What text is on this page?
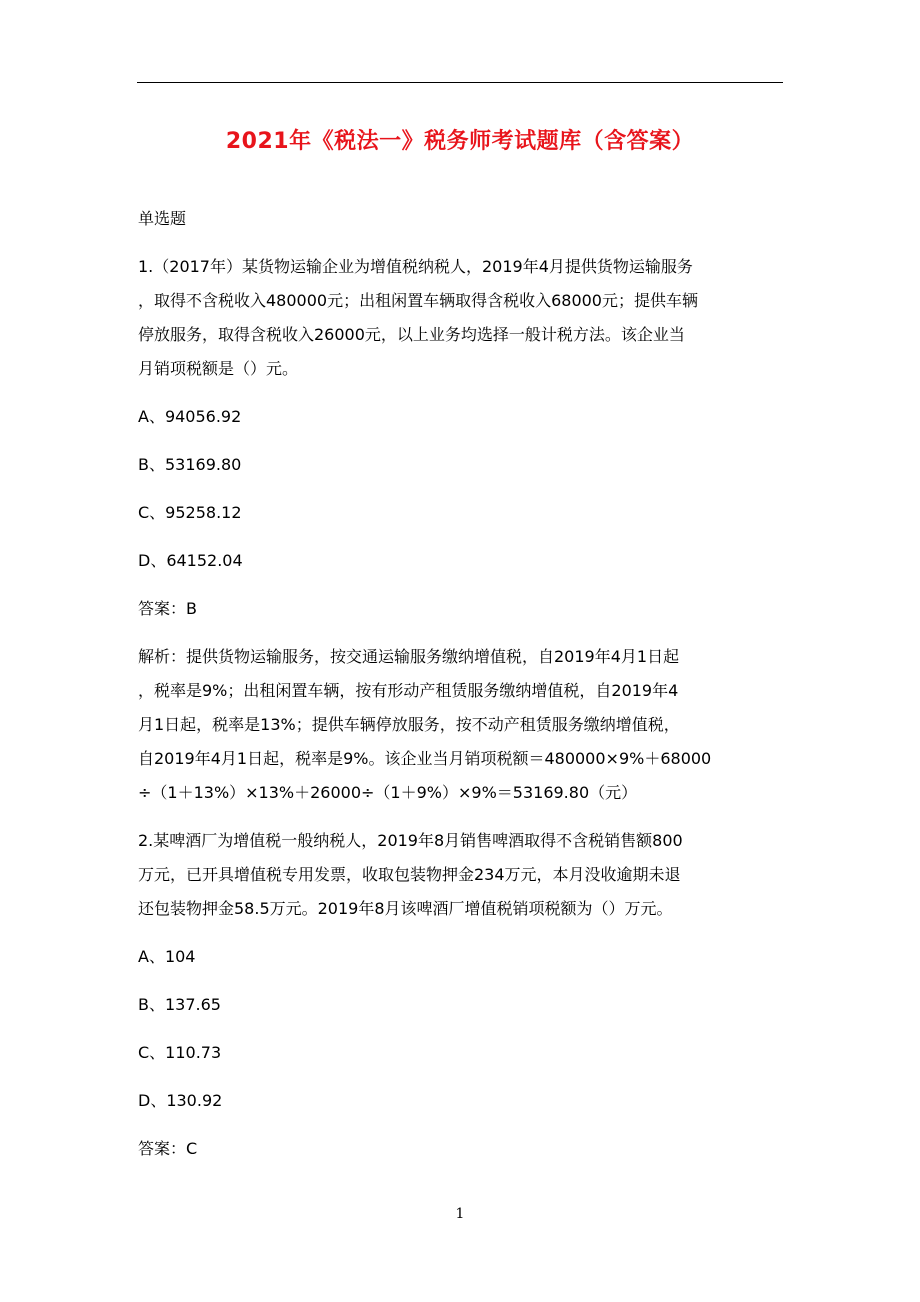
2021年《税法一》税务师考试题库（含答案）
单选题
1.（2017年）某货物运输企业为增值税纳税人，2019年4月提供货物运输服务
，取得不含税收入480000元；出租闲置车辆取得含税收入68000元；提供车辆
停放服务，取得含税收入26000元，以上业务均选择一般计税方法。该企业当
月销项税额是（）元。
A、94056.92
B、53169.80
C、95258.12
D、64152.04
答案：B
解析：提供货物运输服务，按交通运输服务缴纳增值税，自2019年4月1日起
，税率是9%；出租闲置车辆，按有形动产租赁服务缴纳增值税，自2019年4
月1日起，税率是13%；提供车辆停放服务，按不动产租赁服务缴纳增值税，
自2019年4月1日起，税率是9%。该企业当月销项税额＝480000×9%＋68000
÷（1＋13%）×13%＋26000÷（1＋9%）×9%＝53169.80（元）
2.某啤酒厂为增值税一般纳税人，2019年8月销售啤酒取得不含税销售额800
万元，已开具增值税专用发票，收取包装物押金234万元，本月没收逾期未退
还包装物押金58.5万元。2019年8月该啤酒厂增值税销项税额为（）万元。
A、104
B、137.65
C、110.73
D、130.92
答案：C
1
